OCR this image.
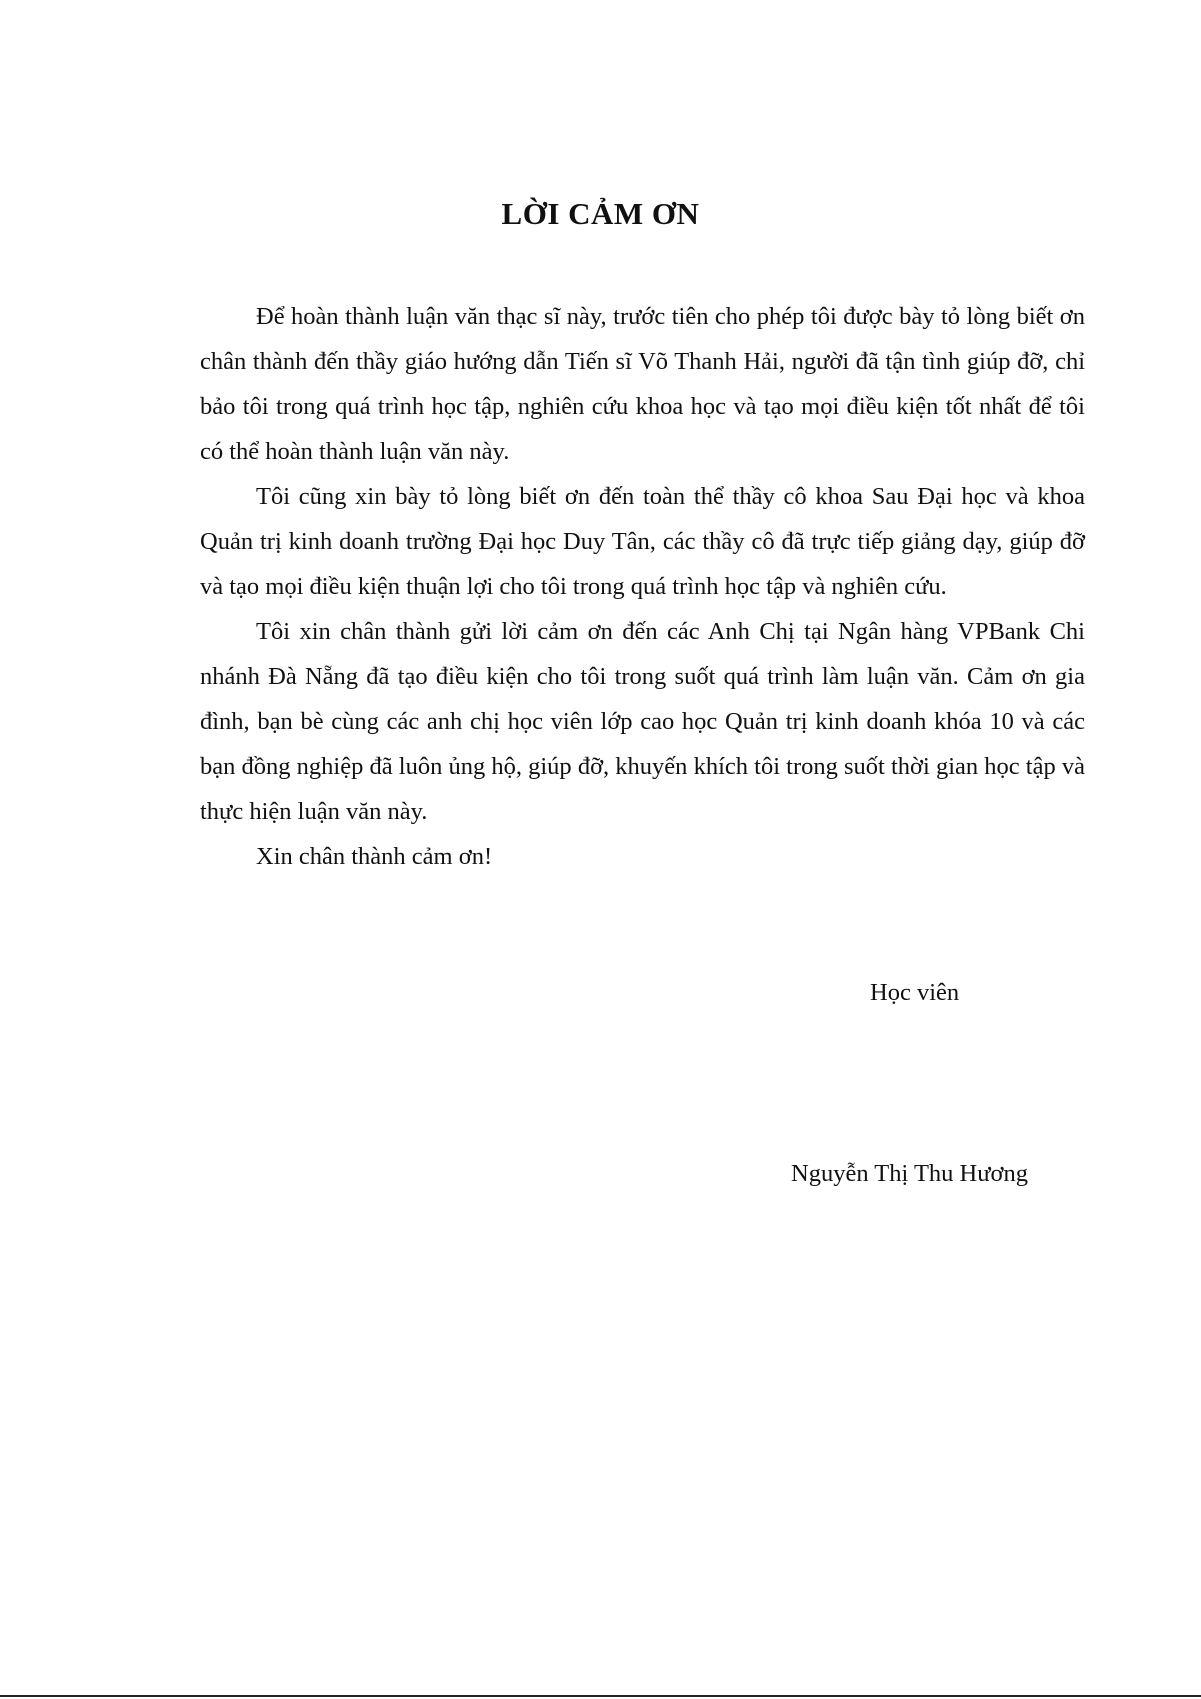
LỜI CẢM ƠN

Để hoàn thành luận văn thạc sĩ này, trước tiên cho phép tôi được bày tỏ lòng biết ơn chân thành đến thầy giáo hướng dẫn Tiến sĩ Võ Thanh Hải, người đã tận tình giúp đỡ, chỉ bảo tôi trong quá trình học tập, nghiên cứu khoa học và tạo mọi điều kiện tốt nhất để tôi có thể hoàn thành luận văn này.

Tôi cũng xin bày tỏ lòng biết ơn đến toàn thể thầy cô khoa Sau Đại học và khoa Quản trị kinh doanh trường Đại học Duy Tân, các thầy cô đã trực tiếp giảng dạy, giúp đỡ và tạo mọi điều kiện thuận lợi cho tôi trong quá trình học tập và nghiên cứu.

Tôi xin chân thành gửi lời cảm ơn đến các Anh Chị tại Ngân hàng VPBank Chi nhánh Đà Nẵng đã tạo điều kiện cho tôi trong suốt quá trình làm luận văn. Cảm ơn gia đình, bạn bè cùng các anh chị học viên lớp cao học Quản trị kinh doanh khóa 10 và các bạn đồng nghiệp đã luôn ủng hộ, giúp đỡ, khuyến khích tôi trong suốt thời gian học tập và thực hiện luận văn này.

Xin chân thành cảm ơn!

Học viên

Nguyễn Thị Thu Hương
